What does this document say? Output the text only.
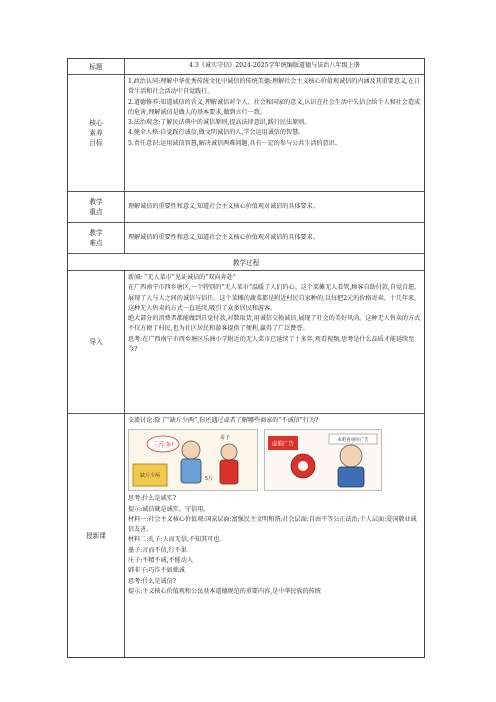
标题	4.3《诚实守信》2024-2025学年统编版道德与法治八年级上册
核心
素养
目标

1.政治认同:理解中华优秀传统文化中诚信的传统美德;理解社会主义核心价值观诚信的内涵及其重要意义,在日常生活和社会活动中自觉践行。

2.道德修养:知道诚信的含义,理解诚信对个人、社会和国家的意义,认识在社会生活中失信会给个人和社会造成的危害,理解诚信是做人的基本要求,做到言行一致。

3.法治观念:了解民法典中的诚信原则,提高法律意识,践行民法原则。

4.健全人格:自觉践行诚信,做文明诚信的人,学会运用诚信的智慧。

5.责任意识:运用诚信智慧,解决诚信两难问题,具有一定的参与公共生活的意识。

教学
重点
理解诚信的重要性和意义,知道社会主义核心价值观对诚信的具体要求。
教学
难点
理解诚信的重要性和意义,知道社会主义核心价值观对诚信的具体要求。
教学过程
导入

新闻: “无人菜市”见证诚信的“双向奔赴”

在广西南宁市西乡塘区,一个特别的“无人菜市”温暖了人们的心。这个菜摊无人看管,顾客自助付款,自觉自愿,展现了人与人之间的诚信与信任。这个菜摊的蔬菜都是附近村民自家种的,以每把2元的价格寄卖。十几年来,这种无人售卖的方式一直延续,吸引了众多居民和游客。

绝大部分的消费者都能做到自觉付款,对数取货,用诚信交换诚信,展现了社会的美好风尚。这种无人售卖的方式不仅方便了村民,也为社区居民和游客提供了便利,赢得了广泛赞誉。

思考:在广西南宁市西乡塘区乐洲小学附近的无人菜市已延续了十多年,观看视频,思考是什么品质才能延续至今?

授新课

交流讨论:除了“缺斤少两”,你还遇过或者了解哪些商家的“不诚信”行为?

三斤多!
哥子
缺斤少两	5斤
虚假广告
本吧看叫叫广告

思考:什么是诚实?

提示:诚信就是诚实、守信用。

材料一:社会主义核心价值观:国家层面:富强民主文明和谐;社会层面:自由平等公正法治;个人层面:爱国敬业诚信友善。

材料二:孔子:人而无信,不知其可也。

墨子:言而不信,行不果

庄子:不精不诚,不能动人

韩非子:巧诈不如拙诚

思考:什么是诚信?

提示:主义核心价值观和公民基本道德规范的重要内容,是中华民族的传统
